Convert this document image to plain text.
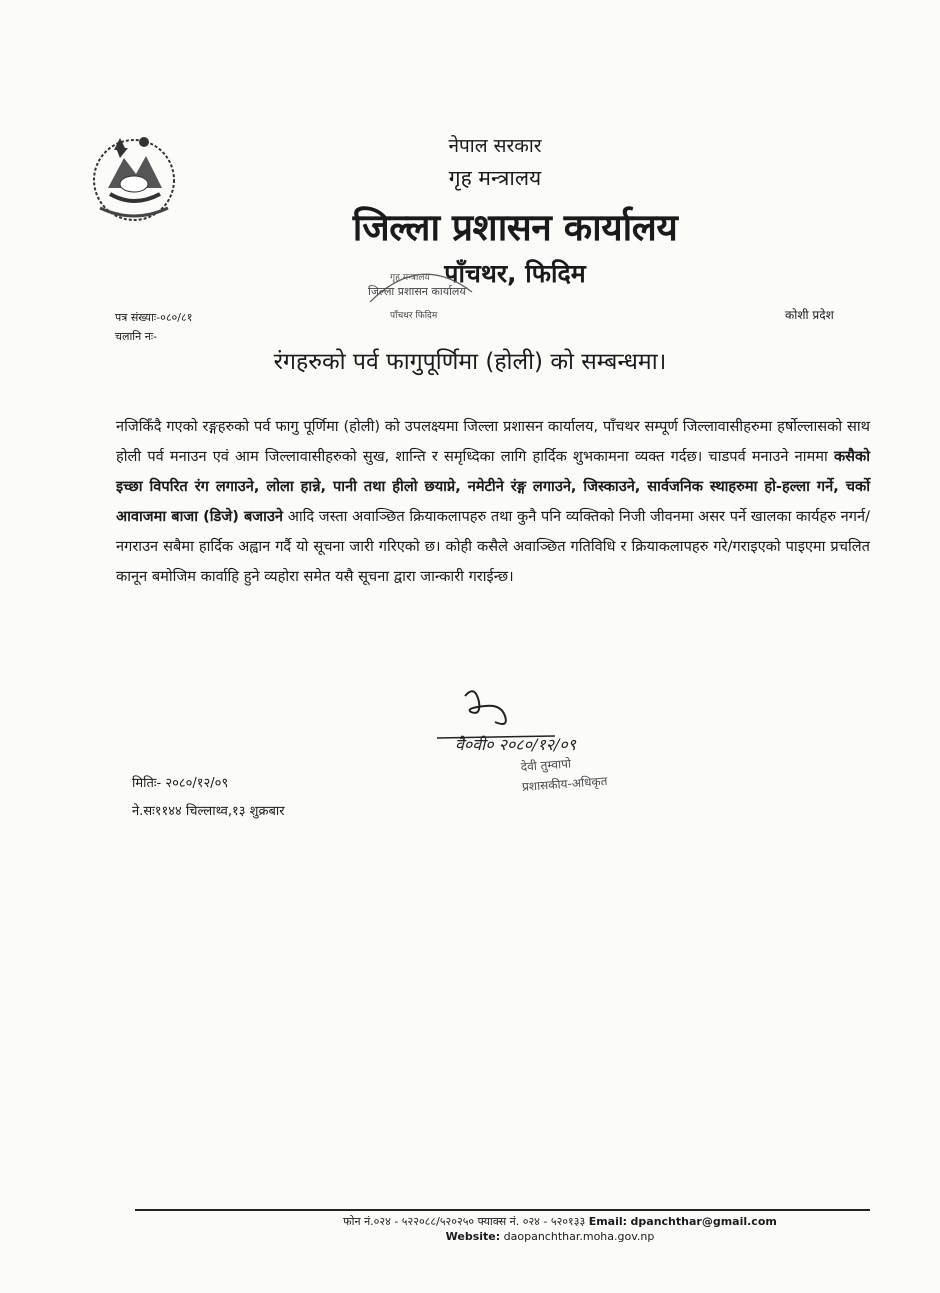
नेपाल सरकार
गृह मन्त्रालय
जिल्ला प्रशासन कार्यालय
पाँचथर, फिदिम
गृह मन्त्रालय
जिल्ला प्रशासन कार्यालय
पाँचथर फिदिम
पत्र संख्याः-०८०/८१
चलानि नः-
कोशी प्रदेश
रंगहरुको पर्व फागुपूर्णिमा (होली) को सम्बन्धमा।
नजिकिँदै गएको रङ्गहरुको पर्व फागु पूर्णिमा (होली) को उपलक्ष्यमा जिल्ला प्रशासन कार्यालय, पाँचथर सम्पूर्ण जिल्लावासीहरुमा हर्षोल्लासको साथ होली पर्व मनाउन एवं आम जिल्लावासीहरुको सुख, शान्ति र समृध्दिका लागि हार्दिक शुभकामना व्यक्त गर्दछ। चाडपर्व मनाउने नाममा कसैको इच्छा विपरित रंग लगाउने, लोला हान्ने, पानी तथा हीलो छयाप्ने, नमेटीने रंङ्ग लगाउने, जिस्काउने, सार्वजनिक स्थाहरुमा हो-हल्ला गर्ने, चर्को आवाजमा बाजा (डिजे) बजाउने आदि जस्ता अवाञ्छित क्रियाकलापहरु तथा कुनै पनि व्यक्तिको निजी जीवनमा असर पर्ने खालका कार्यहरु नगर्न/नगराउन सबैमा हार्दिक अह्वान गर्दै यो सूचना जारी गरिएको छ। कोही कसैले अवाञ्छित गतिविधि र क्रियाकलापहरु गरे/गराइएको पाइएमा प्रचलित कानून बमोजिम कार्वाहि हुने व्यहोरा समेत यसै सूचना द्वारा जान्कारी गराईन्छ।
वै०वी० २०८०/१२/०९
देवी तुम्वापो
प्रशासकीय-अधिकृत
मितिः- २०८०/१२/०९
ने.सः११४४ चिल्लाथ्व,१३ शुक्रबार
फोन नं.०२४ - ५२२०८८/५२०२५० फ्याक्स नं. ०२४ - ५२०१३३ Email: dpanchthar@gmail.com
Website: daopanchthar.moha.gov.np
